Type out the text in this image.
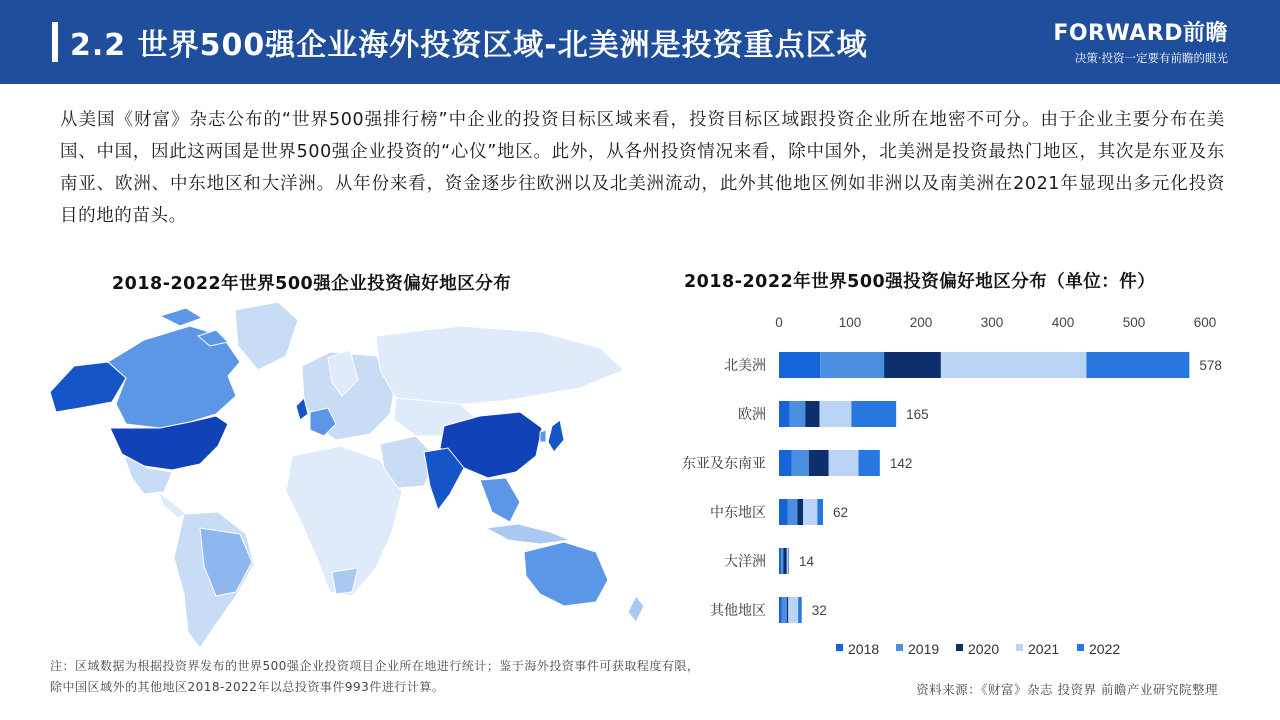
2.2 世界500强企业海外投资区域-北美洲是投资重点区域	FORWARD前瞻
决策·投资一定要有前瞻的眼光
从美国《财富》杂志公布的“世界500强排行榜”中企业的投资目标区域来看，投资目标区域跟投资企业所在地密不可分。由于企业主要分布在美国、中国，因此这两国是世界500强企业投资的“心仪”地区。此外，从各州投资情况来看，除中国外，北美洲是投资最热门地区，其次是东亚及东南亚、欧洲、中东地区和大洋洲。从年份来看，资金逐步往欧洲以及北美洲流动，此外其他地区例如非洲以及南美洲在2021年显现出多元化投资目的地的苗头。
2018-2022年世界500强企业投资偏好地区分布	2018-2022年世界500强投资偏好地区分布（单位：件）
0	100	200	300	400	500	600
北美洲	578
欧洲	165
东亚及东南亚	142
中东地区	62
大洋洲 14
其他地区	32
2018 2019 2020 2021 2022
注：区域数据为根据投资界发布的世界500强企业投资项目企业所在地进行统计；鉴于海外投资事件可获取程度有限，除中国区域外的其他地区2018-2022年以总投资事件993件进行计算。	资料来源：《财富》杂志 投资界 前瞻产业研究院整理
